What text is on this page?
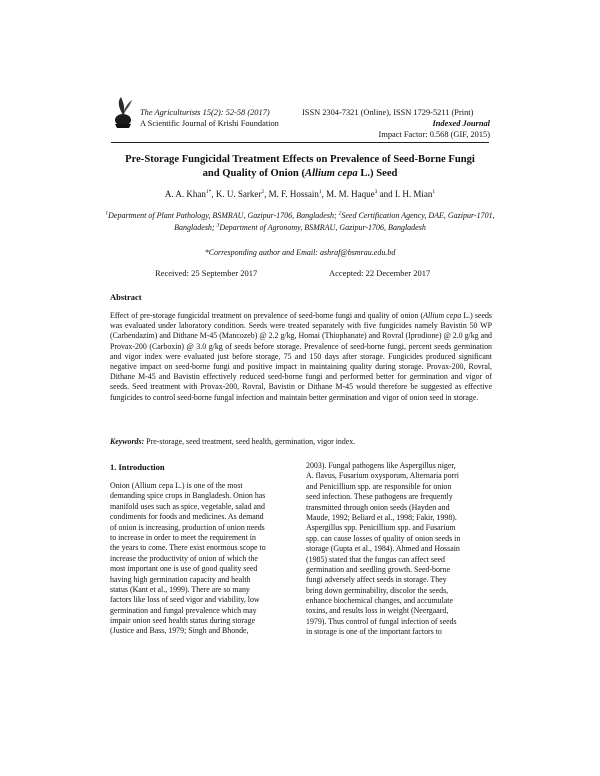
The Agriculturists 15(2): 52-58 (2017)
A Scientific Journal of Krishi Foundation
ISSN 2304-7321 (Online), ISSN 1729-5211 (Print)
Indexed Journal
Impact Factor: 0.568 (GIF, 2015)
Pre-Storage Fungicidal Treatment Effects on Prevalence of Seed-Borne Fungi
and Quality of Onion (Allium cepa L.) Seed
A. A. Khan$^{1*}$, K. U. Sarker$^2$, M. F. Hossain$^1$, M. M. Haque$^3$ and I. H. Mian$^1$
$^1$Department of Plant Pathology, BSMRAU, Gazipur-1706, Bangladesh; $^2$Seed Certification Agency, DAE, Gazipur-1701, Bangladesh; $^3$Department of Agronomy, BSMRAU, Gazipur-1706, Bangladesh
*Corresponding author and Email: ashraf@bsmrau.edu.bd
Received: 25 September 2017	Accepted: 22 December 2017
Abstract
Effect of pre-storage fungicidal treatment on prevalence of seed-borne fungi and quality of onion (Allium cepa L.) seeds was evaluated under laboratory condition. Seeds were treated separately with five fungicides namely Bavistin 50 WP (Carbendazim) and Dithane M-45 (Mancozeb) @ 2.2 g/kg, Homai (Thiophanate) and Rovral (Iprodione) @ 2.0 g/kg and Provax-200 (Carboxin) @ 3.0 g/kg of seeds before storage. Prevalence of seed-borne fungi, percent seeds germination and vigor index were evaluated just before storage, 75 and 150 days after storage. Fungicides produced significant negative impact on seed-borne fungi and positive impact in maintaining quality during storage. Provax-200, Rovral, Dithane M-45 and Bavistin effectively reduced seed-borne fungi and performed better for germination and vigor of seeds. Seed treatment with Provax-200, Rovral, Bavistin or Dithane M-45 would therefore be suggested as effective fungicides to control seed-borne fungal infection and maintain better germination and vigor of onion seed in storage.
Keywords: Pre-storage, seed treatment, seed health, germination, vigor index.
1. Introduction
Onion (Allium cepa L.) is one of the most
demanding spice crops in Bangladesh. Onion has
manifold uses such as spice, vegetable, salad and
condiments for foods and medicines. As demand
of onion is increasing, production of onion needs
to increase in order to meet the requirement in
the years to come. There exist enormous scope to
increase the productivity of onion of which the
most important one is use of good quality seed
having high germination capacity and health
status (Kant et al., 1999). There are so many
factors like loss of seed vigor and viability, low
germination and fungal prevalence which may
impair onion seed health status during storage
(Justice and Bass, 1979; Singh and Bhonde,
2003). Fungal pathogens like Aspergillus niger,
A. flavus, Fusarium oxysporum, Alternaria porri
and Penicillium spp. are responsible for onion
seed infection. These pathogens are frequently
transmitted through onion seeds (Hayden and
Maude, 1992; Beliard et al., 1998; Fakir, 1998).
Aspergillus spp. Penicillium spp. and Fusarium
spp. can cause losses of quality of onion seeds in
storage (Gupta et al., 1984). Ahmed and Hossain
(1985) stated that the fungus can affect seed
germination and seedling growth. Seed-borne
fungi adversely affect seeds in storage. They
bring down germinability, discolor the seeds,
enhance biochemical changes, and accumulate
toxins, and results loss in weight (Neergaard,
1979). Thus control of fungal infection of seeds
in storage is one of the important factors to
